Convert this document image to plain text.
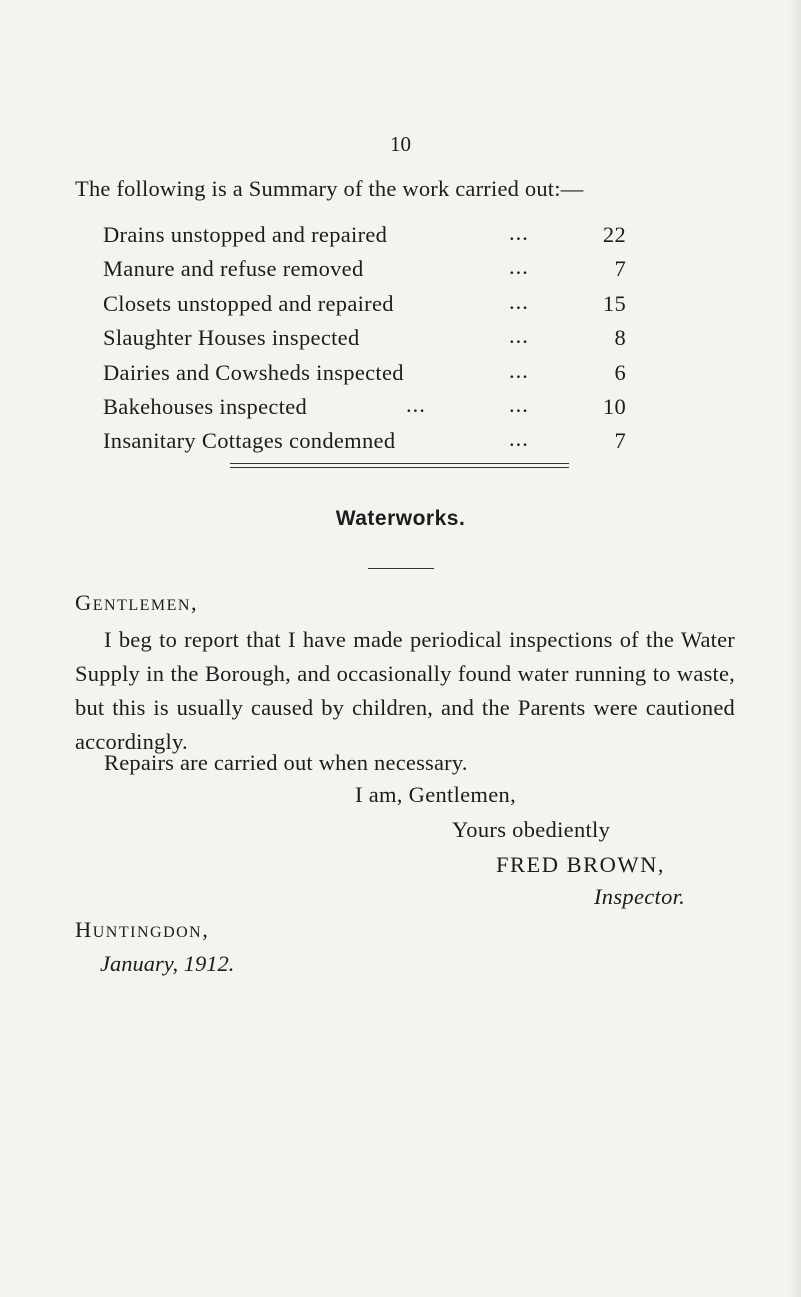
10
The following is a Summary of the work carried out:—
Drains unstopped and repaired	...	22
Manure and refuse removed	...	7
Closets unstopped and repaired	...	15
Slaughter Houses inspected	...	8
Dairies and Cowsheds inspected	...	6
Bakehouses inspected	...	...	10
Insanitary Cottages condemned	...	7
Waterworks.
Gentlemen,

I beg to report that I have made periodical inspections of the Water Supply in the Borough, and occasionally found water running to waste, but this is usually caused by children, and the Parents were cautioned accordingly.

Repairs are carried out when necessary.

I am, Gentlemen,
Yours obediently
FRED BROWN,
Inspector.
Huntingdon,
January, 1912.
